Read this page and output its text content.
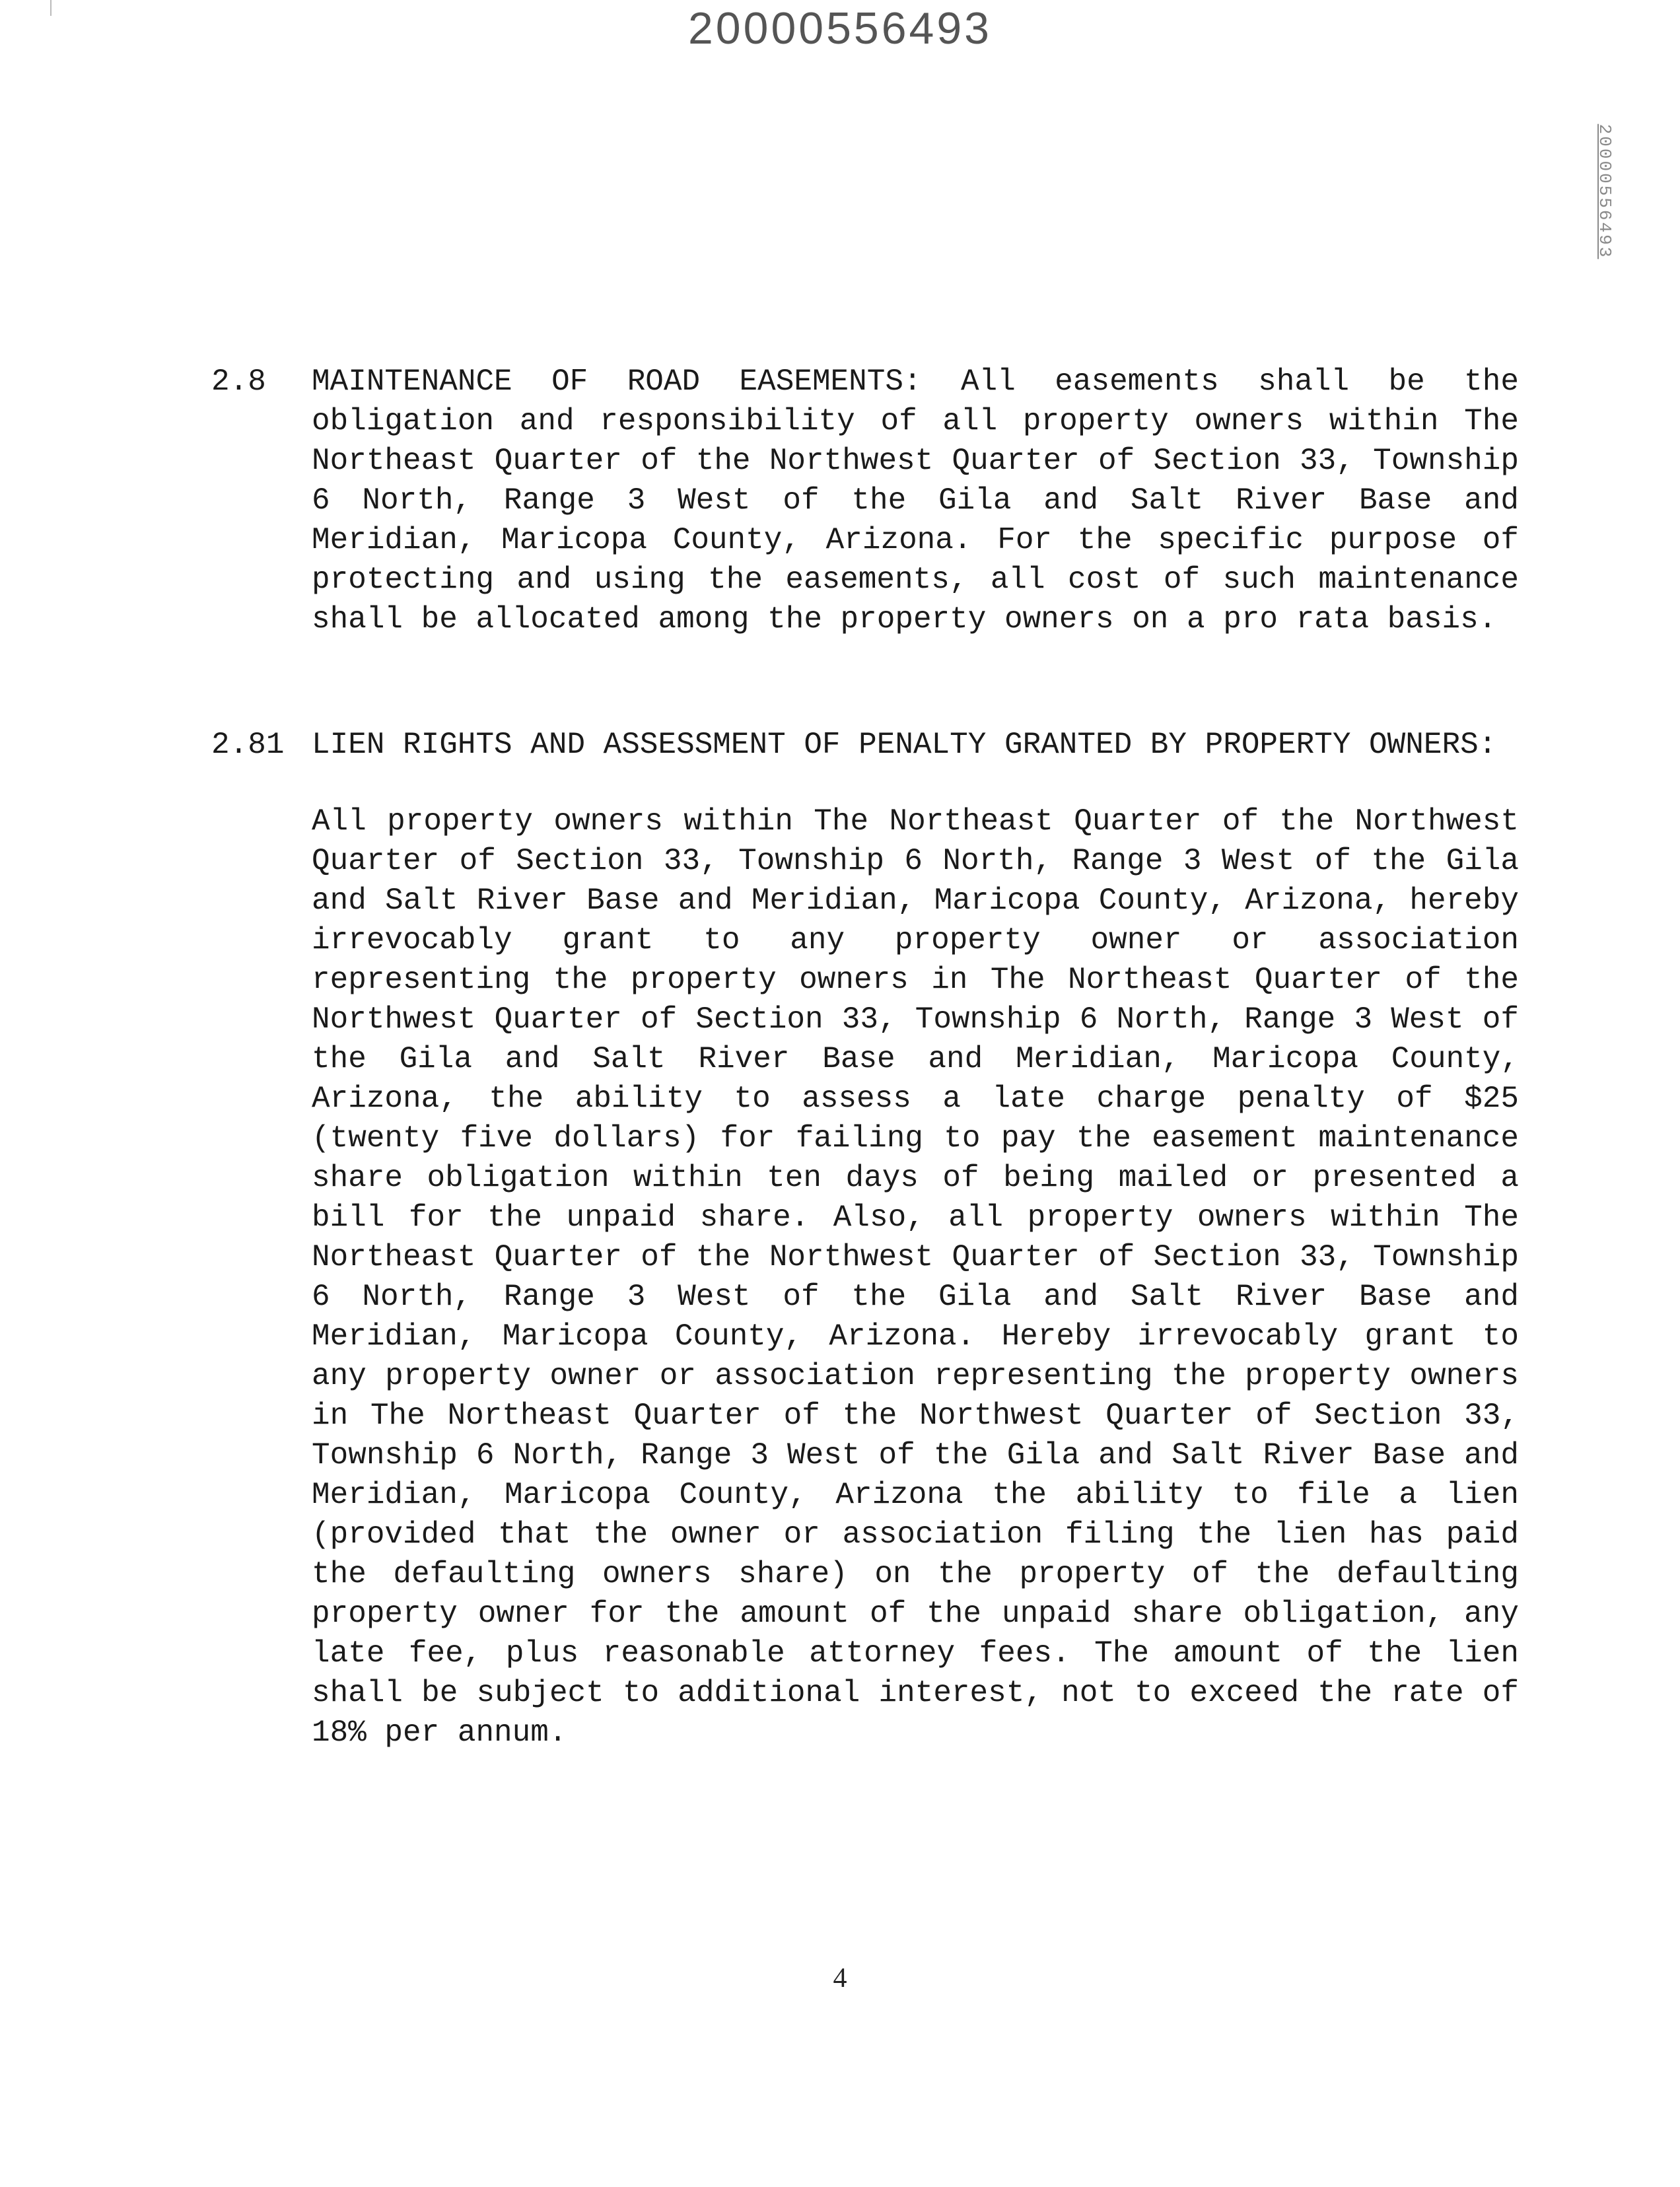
20000556493
20000556493
2.8 MAINTENANCE OF ROAD EASEMENTS: All easements shall be the obligation and responsibility of all property owners within The Northeast Quarter of the Northwest Quarter of Section 33, Township 6 North, Range 3 West of the Gila and Salt River Base and Meridian, Maricopa County, Arizona. For the specific purpose of protecting and using the easements, all cost of such maintenance shall be allocated among the property owners on a pro rata basis.
2.81 LIEN RIGHTS AND ASSESSMENT OF PENALTY GRANTED BY PROPERTY OWNERS:
All property owners within The Northeast Quarter of the Northwest Quarter of Section 33, Township 6 North, Range 3 West of the Gila and Salt River Base and Meridian, Maricopa County, Arizona, hereby irrevocably grant to any property owner or association representing the property owners in The Northeast Quarter of the Northwest Quarter of Section 33, Township 6 North, Range 3 West of the Gila and Salt River Base and Meridian, Maricopa County, Arizona, the ability to assess a late charge penalty of $25 (twenty five dollars) for failing to pay the easement maintenance share obligation within ten days of being mailed or presented a bill for the unpaid share. Also, all property owners within The Northeast Quarter of the Northwest Quarter of Section 33, Township 6 North, Range 3 West of the Gila and Salt River Base and Meridian, Maricopa County, Arizona. Hereby irrevocably grant to any property owner or association representing the property owners in The Northeast Quarter of the Northwest Quarter of Section 33, Township 6 North, Range 3 West of the Gila and Salt River Base and Meridian, Maricopa County, Arizona the ability to file a lien (provided that the owner or association filing the lien has paid the defaulting owners share) on the property of the defaulting property owner for the amount of the unpaid share obligation, any late fee, plus reasonable attorney fees. The amount of the lien shall be subject to additional interest, not to exceed the rate of 18% per annum.
4
